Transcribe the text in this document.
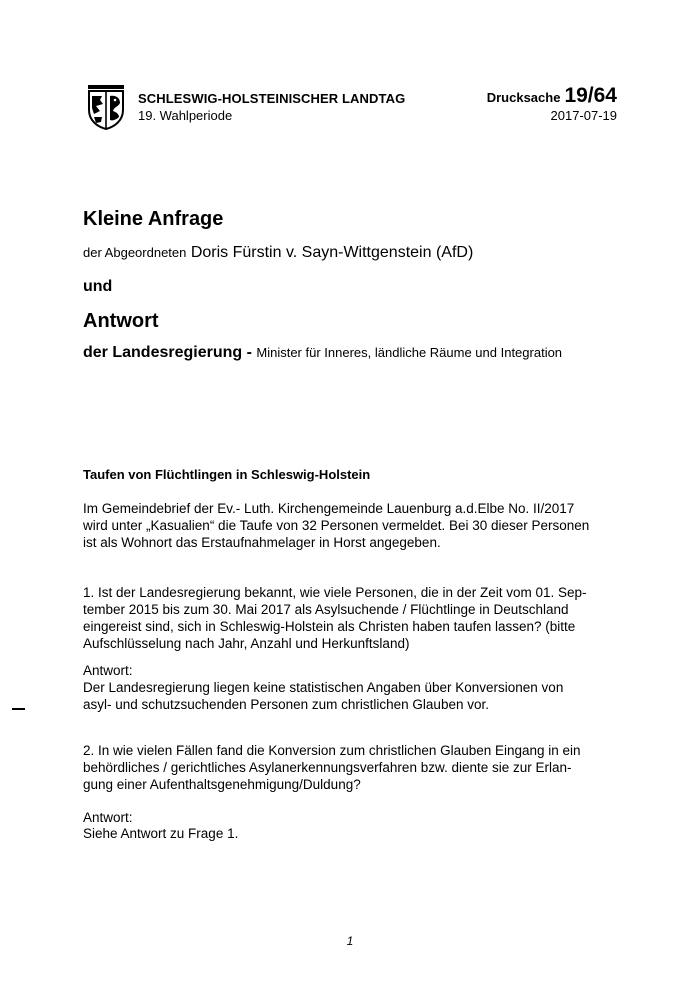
SCHLESWIG-HOLSTEINISCHER LANDTAG
19. Wahlperiode
Drucksache 19/64
2017-07-19
Kleine Anfrage
der Abgeordneten Doris Fürstin v. Sayn-Wittgenstein (AfD)
und
Antwort
der Landesregierung - Minister für Inneres, ländliche Räume und Integration
Taufen von Flüchtlingen in Schleswig-Holstein
Im Gemeindebrief der Ev.- Luth. Kirchengemeinde Lauenburg a.d.Elbe No. II/2017
wird unter „Kasualien“ die Taufe von 32 Personen vermeldet. Bei 30 dieser Personen
ist als Wohnort das Erstaufnahmelager in Horst angegeben.
1. Ist der Landesregierung bekannt, wie viele Personen, die in der Zeit vom 01. Sep-
tember 2015 bis zum 30. Mai 2017 als Asylsuchende / Flüchtlinge in Deutschland
eingereist sind, sich in Schleswig-Holstein als Christen haben taufen lassen? (bitte
Aufschlüsselung nach Jahr, Anzahl und Herkunftsland)
Antwort:
Der Landesregierung liegen keine statistischen Angaben über Konversionen von
asyl- und schutzsuchenden Personen zum christlichen Glauben vor.
2. In wie vielen Fällen fand die Konversion zum christlichen Glauben Eingang in ein
behördliches / gerichtliches Asylanerkennungsverfahren bzw. diente sie zur Erlan-
gung einer Aufenthaltsgenehmigung/Duldung?
Antwort:
Siehe Antwort zu Frage 1.
1
